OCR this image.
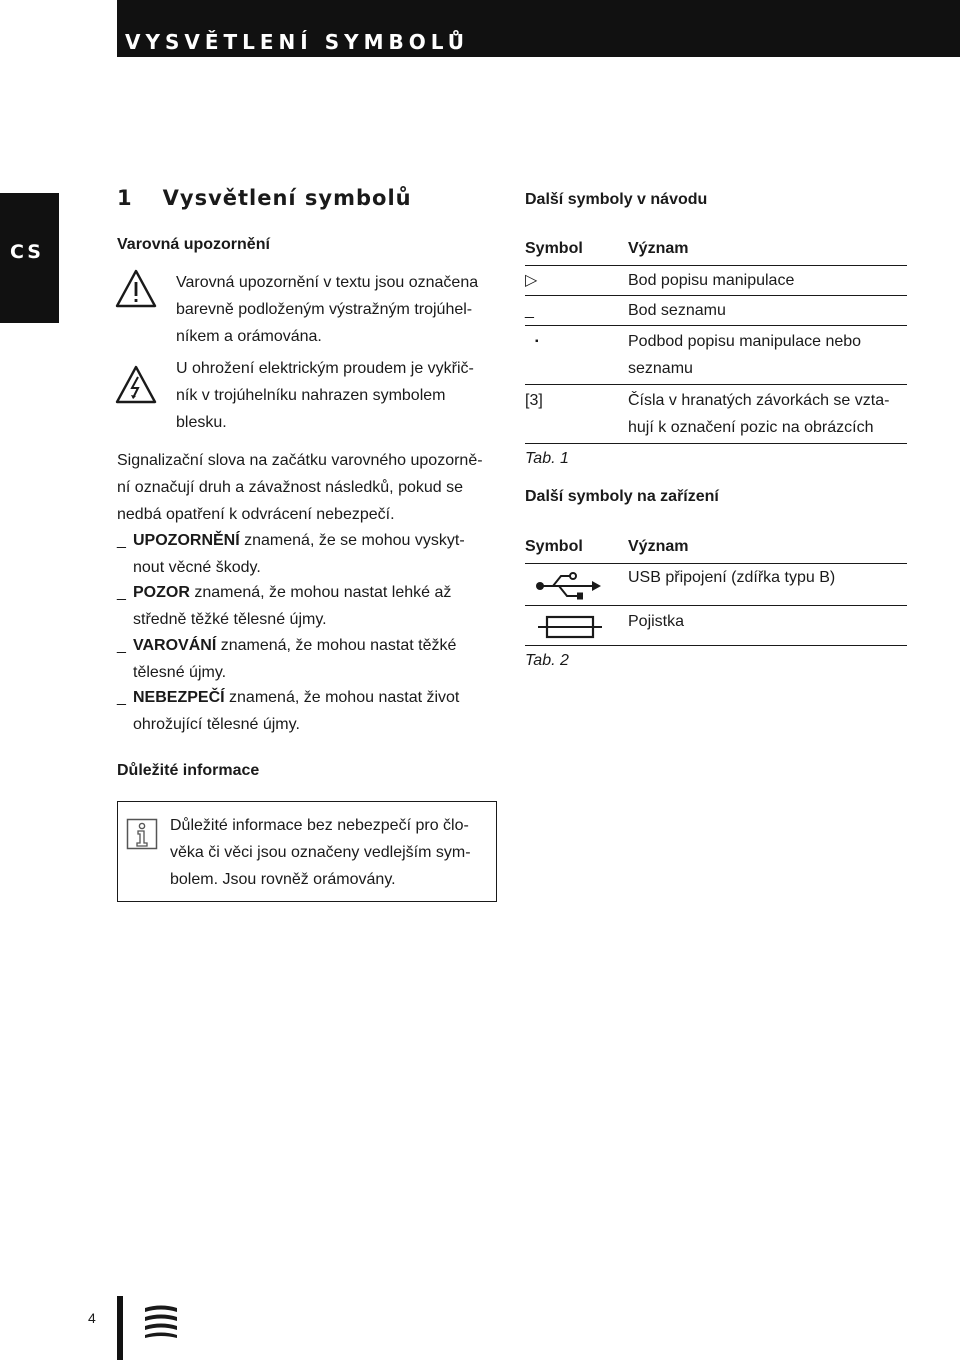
VYSVĚTLENÍ SYMBOLŮ
CS
1 Vysvětlení symbolů
Varovná upozornění
Varovná upozornění v textu jsou označena
barevně podloženým výstražným trojúhel-
níkem a orámována.
U ohrožení elektrickým proudem je vykřič-
ník v trojúhelníku nahrazen symbolem
blesku.
Signalizační slova na začátku varovného upozorně-
ní označují druh a závažnost následků, pokud se
nedbá opatření k odvrácení nebezpečí.
_ UPOZORNĚNÍ znamená, že se mohou vyskyt-
nout věcné škody.
_ POZOR znamená, že mohou nastat lehké až
středně těžké tělesné újmy.
_ VAROVÁNÍ znamená, že mohou nastat těžké
tělesné újmy.
_ NEBEZPEČÍ znamená, že mohou nastat život
ohrožující tělesné újmy.
Důležité informace
Důležité informace bez nebezpečí pro člo-
věka či věci jsou označeny vedlejším sym-
bolem. Jsou rovněž orámovány.
Další symboly v návodu
Symbol	Význam
▷	Bod popisu manipulace
_	Bod seznamu
▪	Podbod popisu manipulace nebo
seznamu
[3]	Čísla v hranatých závorkách se vzta-
hují k označení pozic na obrázcích
Tab. 1
Další symboly na zařízení
Symbol	Význam
USB připojení (zdířka typu B)
Pojistka
Tab. 2
4
